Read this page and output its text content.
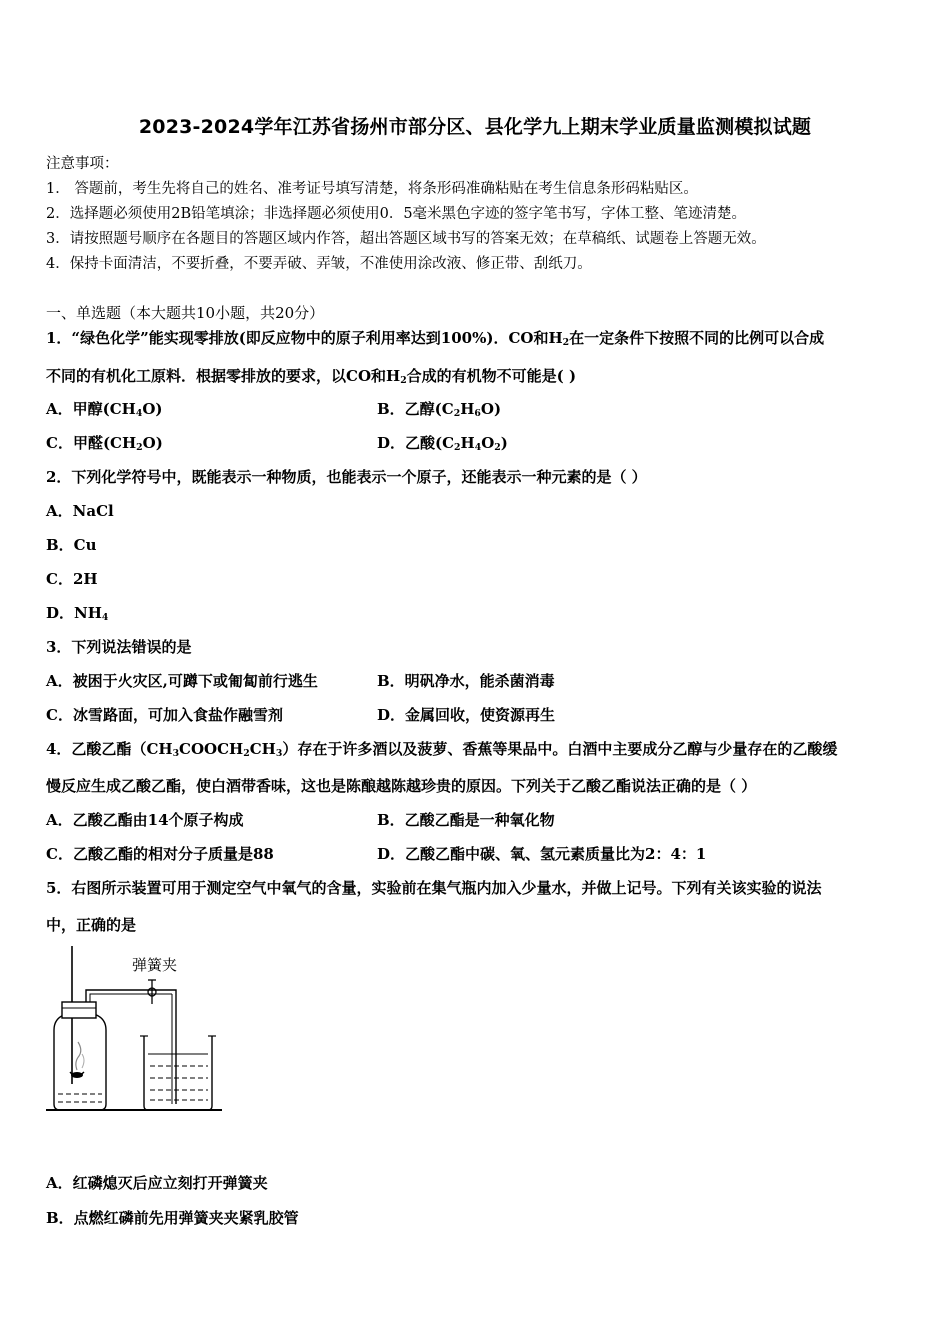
2023-2024学年江苏省扬州市部分区、县化学九上期末学业质量监测模拟试题
注意事项：
1． 答题前，考生先将自己的姓名、准考证号填写清楚，将条形码准确粘贴在考生信息条形码粘贴区。
2．选择题必须使用2B铅笔填涂；非选择题必须使用0．5毫米黑色字迹的签字笔书写，字体工整、笔迹清楚。
3．请按照题号顺序在各题目的答题区域内作答，超出答题区域书写的答案无效；在草稿纸、试题卷上答题无效。
4．保持卡面清洁，不要折叠，不要弄破、弄皱，不准使用涂改液、修正带、刮纸刀。
一、单选题（本大题共10小题，共20分）
1．“绿色化学”能实现零排放(即反应物中的原子利用率达到100%)．CO和$H_2$在一定条件下按照不同的比例可以合成
不同的有机化工原料．根据零排放的要求，以CO和$H_2$合成的有机物不可能是( )
A．甲醇$(CH_4O)$	B．乙醇$(C_2H_6O)$
C．甲醛$(CH_2O)$	D．乙酸$(C_2H_4O_2)$
2．下列化学符号中，既能表示一种物质，也能表示一个原子，还能表示一种元素的是（ ）
A．NaCl
B．Cu
C．2H
D．$NH_4$
3．下列说法错误的是
A．被困于火灾区,可蹲下或匍匐前行逃生	B．明矾净水，能杀菌消毒
C．冰雪路面，可加入食盐作融雪剂	D．金属回收，使资源再生
4．乙酸乙酯$(CH_3COOCH_2CH_3)$存在于许多酒以及菠萝、香蕉等果品中。白酒中主要成分乙醇与少量存在的乙酸缓
慢反应生成乙酸乙酯，使白酒带香味，这也是陈酿越陈越珍贵的原因。下列关于乙酸乙酯说法正确的是（ ）
A．乙酸乙酯由14个原子构成	B．乙酸乙酯是一种氧化物
C．乙酸乙酯的相对分子质量是88	D．乙酸乙酯中碳、氧、氢元素质量比为2：4：1
5．右图所示装置可用于测定空气中氧气的含量，实验前在集气瓶内加入少量水，并做上记号。下列有关该实验的说法
中，正确的是
弹簧夹
A．红磷熄灭后应立刻打开弹簧夹
B．点燃红磷前先用弹簧夹夹紧乳胶管
